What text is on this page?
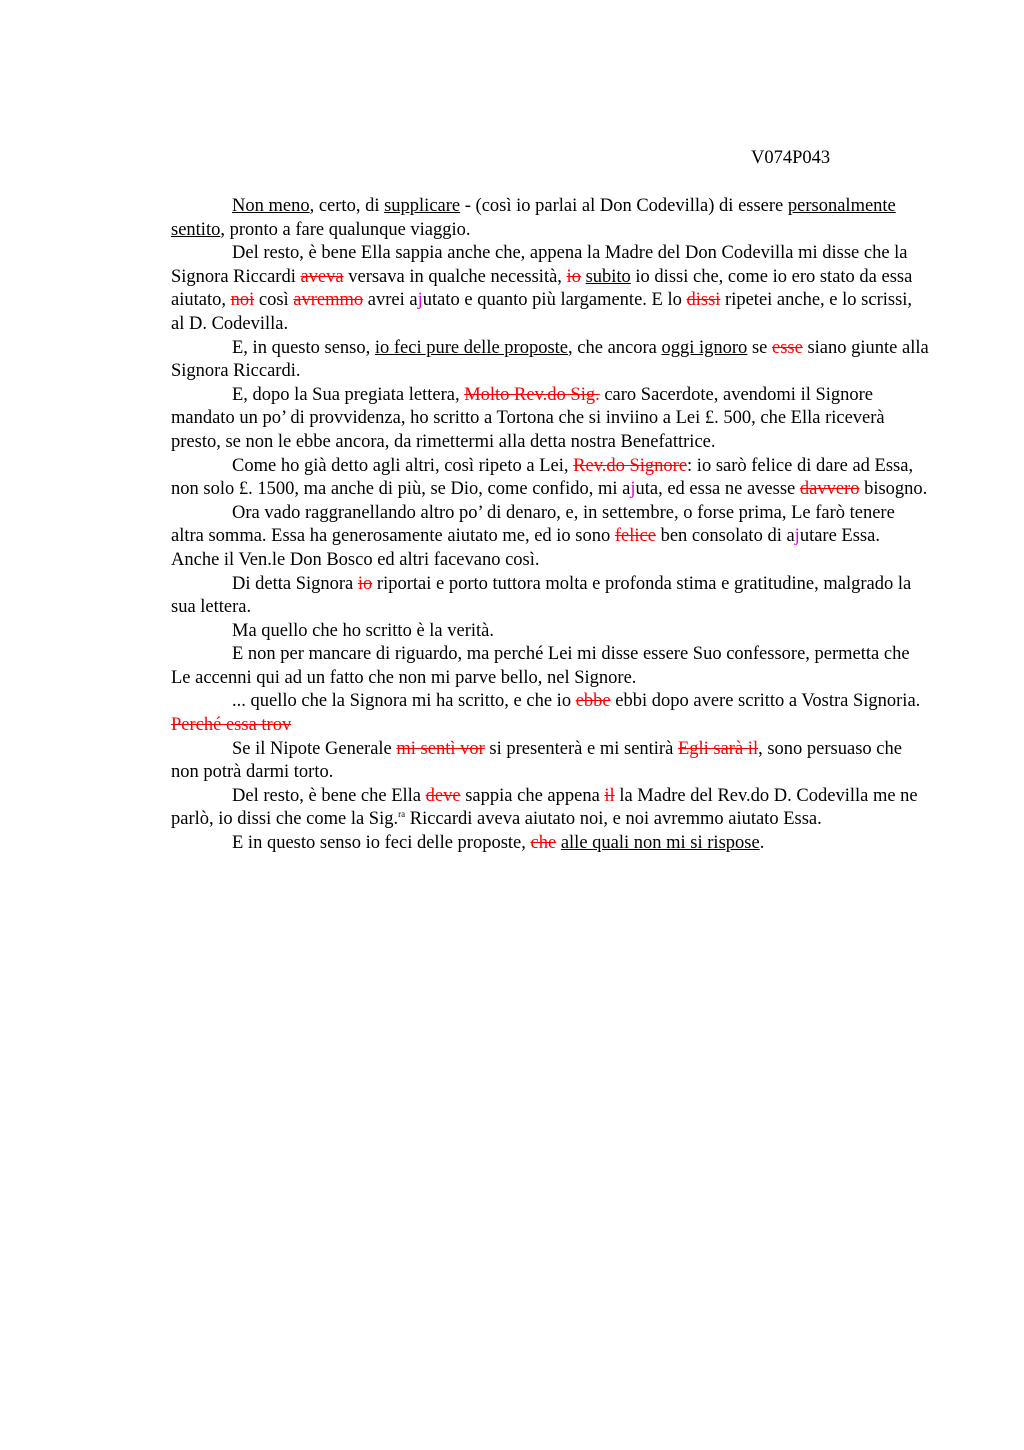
V074P043

Non meno, certo, di supplicare - (così io parlai al Don Codevilla) di essere personalmente sentito, pronto a fare qualunque viaggio.

Del resto, è bene Ella sappia anche che, appena la Madre del Don Codevilla mi disse che la Signora Riccardi aveva versava in qualche necessità, io subito io dissi che, come io ero stato da essa aiutato, noi così avremmo avrei ajutato e quanto più largamente. E lo dissi ripetei anche, e lo scrissi, al D. Codevilla.

E, in questo senso, io feci pure delle proposte, che ancora oggi ignoro se esse siano giunte alla Signora Riccardi.

E, dopo la Sua pregiata lettera, Molto Rev.do Sig. caro Sacerdote, avendomi il Signore mandato un po’ di provvidenza, ho scritto a Tortona che si inviino a Lei £. 500, che Ella riceverà presto, se non le ebbe ancora, da rimettermi alla detta nostra Benefattrice.

Come ho già detto agli altri, così ripeto a Lei, Rev.do Signore: io sarò felice di dare ad Essa, non solo £. 1500, ma anche di più, se Dio, come confido, mi ajuta, ed essa ne avesse davvero bisogno.

Ora vado raggranellando altro po’ di denaro, e, in settembre, o forse prima, Le farò tenere altra somma. Essa ha generosamente aiutato me, ed io sono felice ben consolato di ajutare Essa. Anche il Ven.le Don Bosco ed altri facevano così.

Di detta Signora io riportai e porto tuttora molta e profonda stima e gratitudine, malgrado la sua lettera.

Ma quello che ho scritto è la verità.

E non per mancare di riguardo, ma perché Lei mi disse essere Suo confessore, permetta che Le accenni qui ad un fatto che non mi parve bello, nel Signore.

... quello che la Signora mi ha scritto, e che io ebbe ebbi dopo avere scritto a Vostra Signoria. Perché essa trov

Se il Nipote Generale mi sentì vor si presenterà e mi sentirà Egli sarà il, sono persuaso che non potrà darmi torto.

Del resto, è bene che Ella deve sappia che appena il la Madre del Rev.do D. Codevilla me ne parlò, io dissi che come la Sig.$^{ra}$ Riccardi aveva aiutato noi, e noi avremmo aiutato Essa.

E in questo senso io feci delle proposte, che alle quali non mi si rispose.
